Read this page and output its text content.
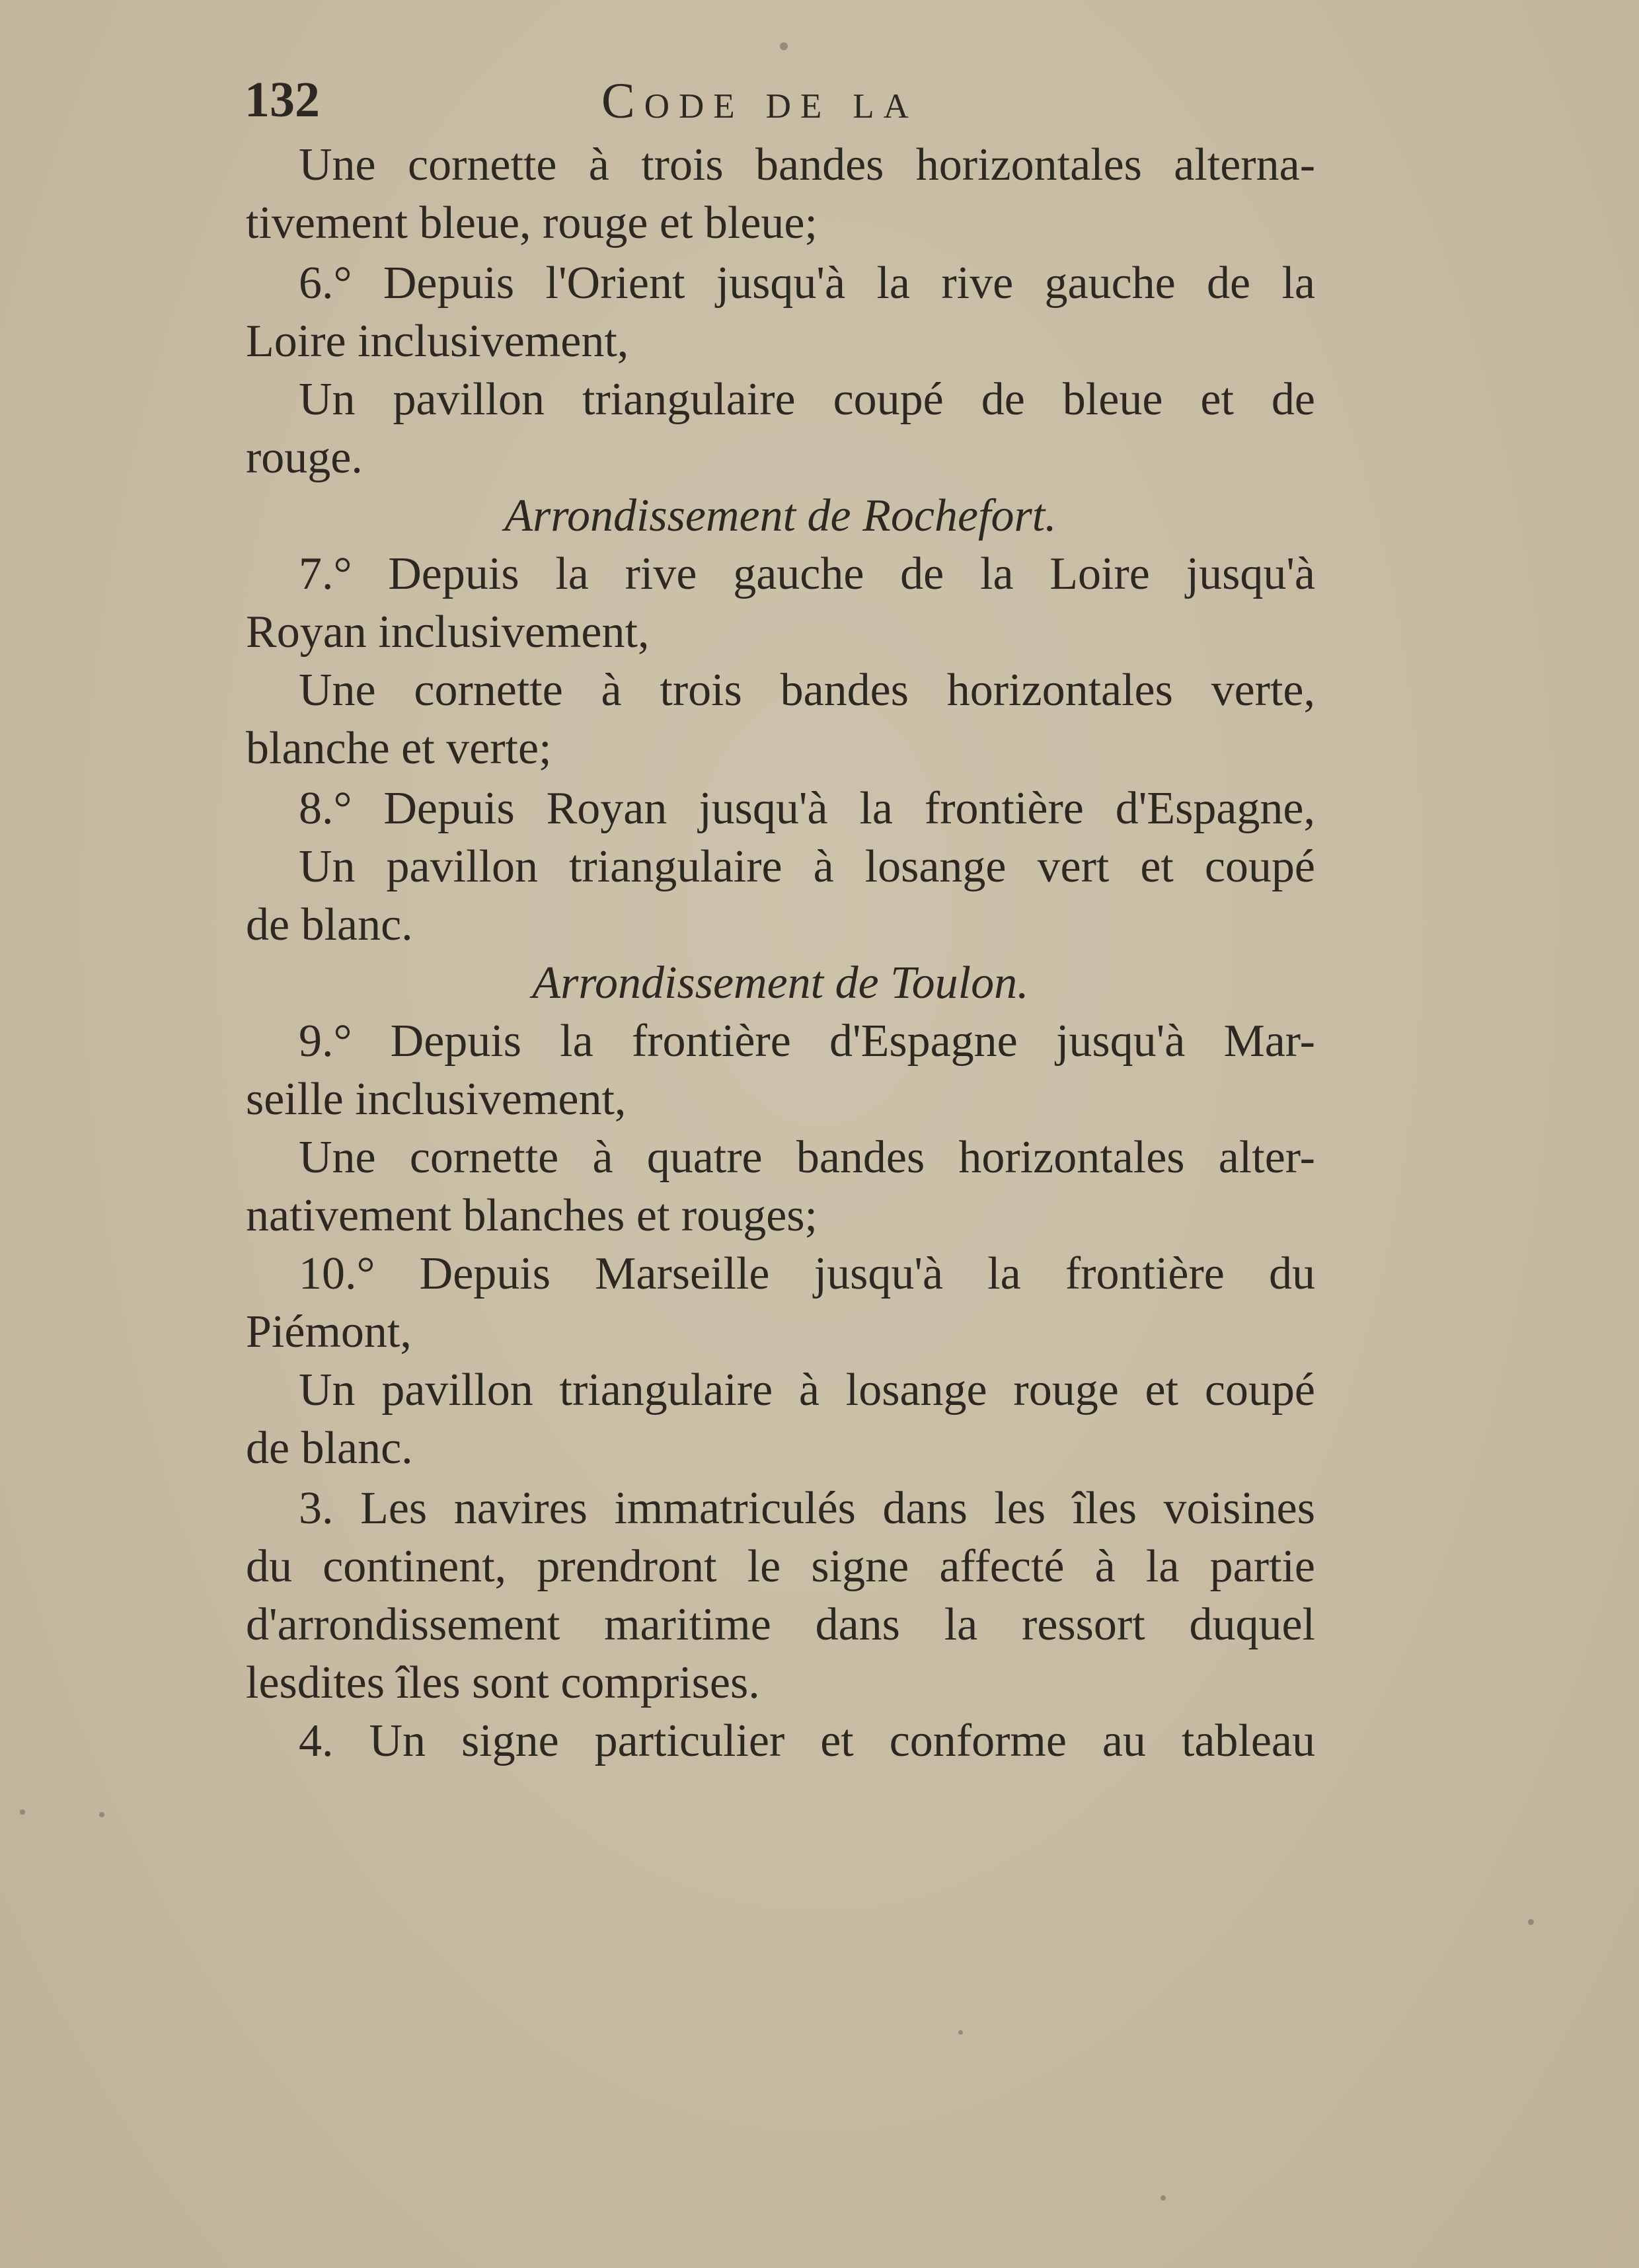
132	Code de la
Une cornette à trois bandes horizontales alterna-
tivement bleue, rouge et bleue;
6.° Depuis l'Orient jusqu'à la rive gauche de la
Loire inclusivement,
Un pavillon triangulaire coupé de bleue et de
rouge.
Arrondissement de Rochefort.
7.° Depuis la rive gauche de la Loire jusqu'à
Royan inclusivement,
Une cornette à trois bandes horizontales verte,
blanche et verte;
8.° Depuis Royan jusqu'à la frontière d'Espagne,
Un pavillon triangulaire à losange vert et coupé
de blanc.
Arrondissement de Toulon.
9.° Depuis la frontière d'Espagne jusqu'à Mar-
seille inclusivement,
Une cornette à quatre bandes horizontales alter-
nativement blanches et rouges;
10.° Depuis Marseille jusqu'à la frontière du
Piémont,
Un pavillon triangulaire à losange rouge et coupé
de blanc.
3. Les navires immatriculés dans les îles voisines
du continent, prendront le signe affecté à la partie
d'arrondissement maritime dans la ressort duquel
lesdites îles sont comprises.
4. Un signe particulier et conforme au tableau
